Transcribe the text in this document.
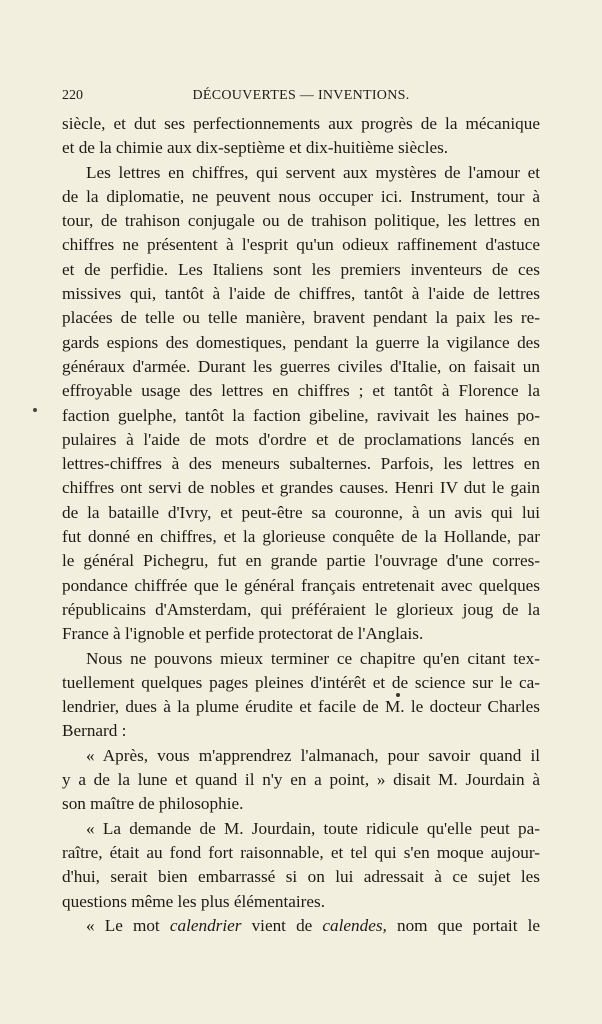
220	DÉCOUVERTES — INVENTIONS.
siècle, et dut ses perfectionnements aux progrès de la mécanique
et de la chimie aux dix-septième et dix-huitième siècles.
Les lettres en chiffres, qui servent aux mystères de l'amour et
de la diplomatie, ne peuvent nous occuper ici. Instrument, tour à
tour, de trahison conjugale ou de trahison politique, les lettres en
chiffres ne présentent à l'esprit qu'un odieux raffinement d'astuce
et de perfidie. Les Italiens sont les premiers inventeurs de ces
missives qui, tantôt à l'aide de chiffres, tantôt à l'aide de lettres
placées de telle ou telle manière, bravent pendant la paix les re-
gards espions des domestiques, pendant la guerre la vigilance des
généraux d'armée. Durant les guerres civiles d'Italie, on faisait un
effroyable usage des lettres en chiffres ; et tantôt à Florence la
faction guelphe, tantôt la faction gibeline, ravivait les haines po-
pulaires à l'aide de mots d'ordre et de proclamations lancés en
lettres-chiffres à des meneurs subalternes. Parfois, les lettres en
chiffres ont servi de nobles et grandes causes. Henri IV dut le gain
de la bataille d'Ivry, et peut-être sa couronne, à un avis qui lui
fut donné en chiffres, et la glorieuse conquête de la Hollande, par
le général Pichegru, fut en grande partie l'ouvrage d'une corres-
pondance chiffrée que le général français entretenait avec quelques
républicains d'Amsterdam, qui préféraient le glorieux joug de la
France à l'ignoble et perfide protectorat de l'Anglais.
Nous ne pouvons mieux terminer ce chapitre qu'en citant tex-
tuellement quelques pages pleines d'intérêt et de science sur le ca-
lendrier, dues à la plume érudite et facile de M. le docteur Charles
Bernard :
« Après, vous m'apprendrez l'almanach, pour savoir quand il
y a de la lune et quand il n'y en a point, » disait M. Jourdain à
son maître de philosophie.
« La demande de M. Jourdain, toute ridicule qu'elle peut pa-
raître, était au fond fort raisonnable, et tel qui s'en moque aujour-
d'hui, serait bien embarrassé si on lui adressait à ce sujet les
questions même les plus élémentaires.
« Le mot calendrier vient de calendes, nom que portait le
